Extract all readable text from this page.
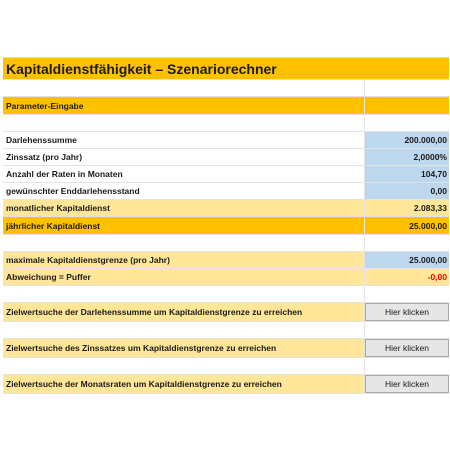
Kapitaldienstfähigkeit – Szenariorechner
Parameter-Eingabe
Darlehenssumme	200.000,00
Zinssatz (pro Jahr)	2,0000%
Anzahl der Raten in Monaten	104,70
gewünschter Enddarlehensstand	0,00
monatlicher Kapitaldienst	2.083,33
jährlicher Kapitaldienst	25.000,00
maximale Kapitaldienstgrenze (pro Jahr)	25.000,00
Abweichung = Puffer	-0,00
Zielwertsuche der Darlehenssumme um Kapitaldienstgrenze zu erreichen	Hier klicken
Zielwertsuche des Zinssatzes um Kapitaldienstgrenze zu erreichen	Hier klicken
Zielwertsuche der Monatsraten um Kapitaldienstgrenze zu erreichen	Hier klicken
